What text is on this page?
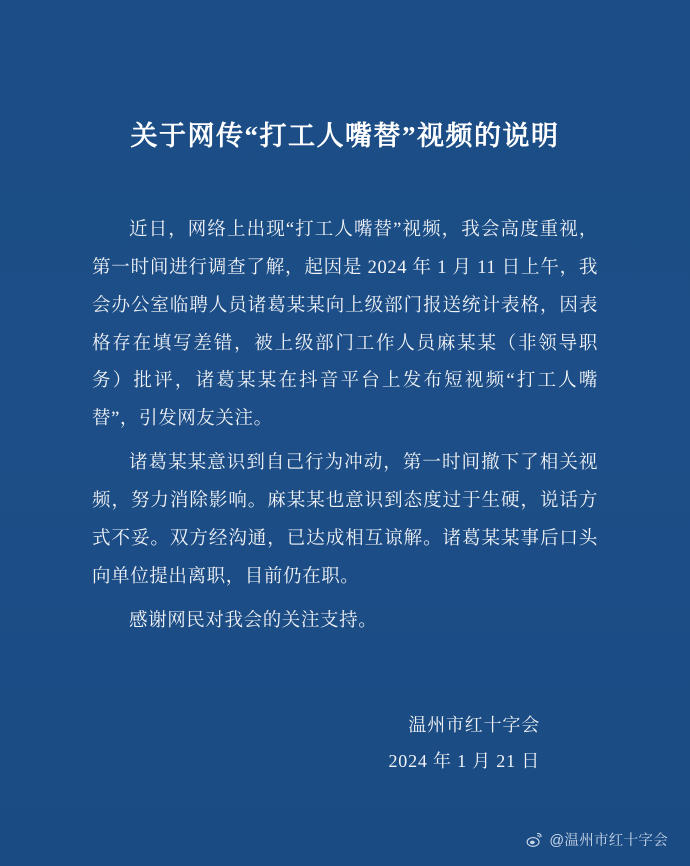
关于网传“打工人嘴替”视频的说明

近日，网络上出现“打工人嘴替”视频，我会高度重视，第一时间进行调查了解，起因是 2024 年 1 月 11 日上午，我会办公室临聘人员诸葛某某向上级部门报送统计表格，因表格存在填写差错，被上级部门工作人员麻某某（非领导职务）批评，诸葛某某在抖音平台上发布短视频“打工人嘴替”，引发网友关注。

诸葛某某意识到自己行为冲动，第一时间撤下了相关视频，努力消除影响。麻某某也意识到态度过于生硬，说话方式不妥。双方经沟通，已达成相互谅解。诸葛某某事后口头向单位提出离职，目前仍在职。

感谢网民对我会的关注支持。

温州市红十字会
2024 年 1 月 21 日
@温州市红十字会
